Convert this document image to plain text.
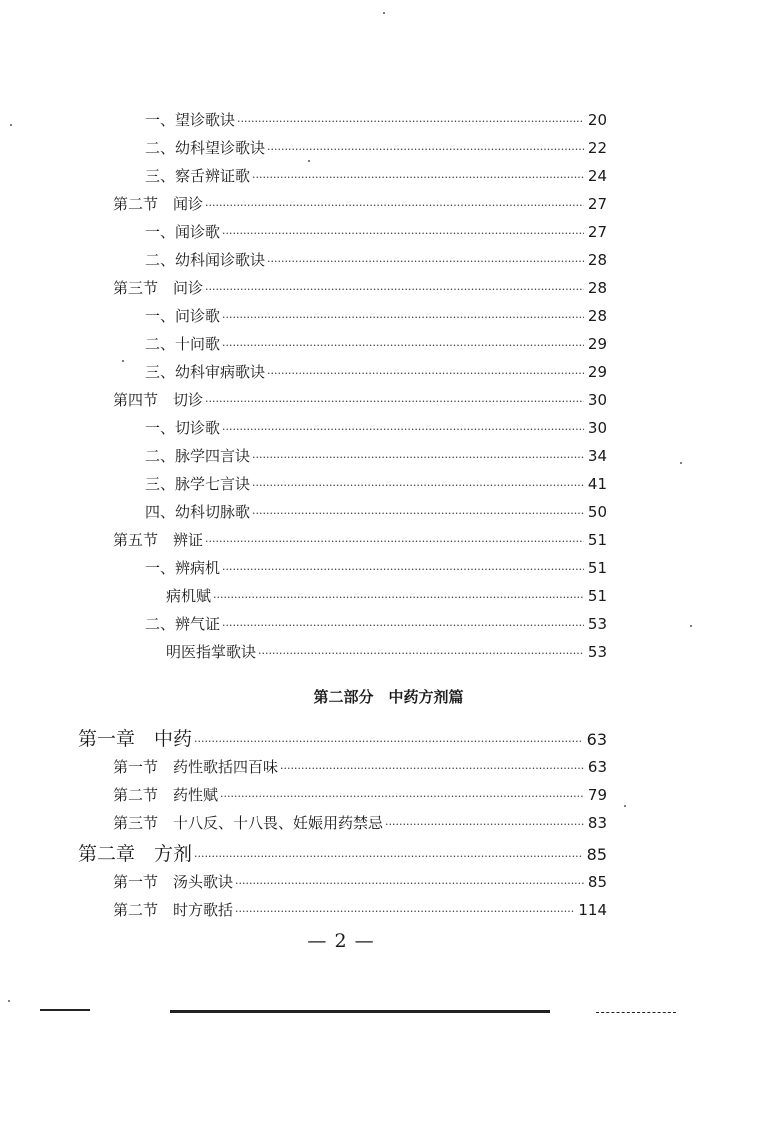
一、望诊歌诀 ·····	20
二、幼科望诊歌诀 ·····	22
三、察舌辨证歌 ·····	24
第二节　闻诊 ·····	27
一、闻诊歌 ·····	27
二、幼科闻诊歌诀 ·····	28
第三节　问诊 ·····	28
一、问诊歌 ·····	28
二、十问歌 ·····	29
三、幼科审病歌诀 ·····	29
第四节　切诊 ·····	30
一、切诊歌 ·····	30
二、脉学四言诀 ·····	34
三、脉学七言诀 ·····	41
四、幼科切脉歌 ·····	50
第五节　辨证 ·····	51
一、辨病机 ·····	51
病机赋 ·····	51
二、辨气证 ·····	53
明医指掌歌诀 ·····	53
第一章　中药 ·····	63
第一节　药性歌括四百味 ·····	63
第二节　药性赋 ·····	79
第三节　十八反、十八畏、妊娠用药禁忌 ·····	83
第二章　方剂 ·····	85
第一节　汤头歌诀 ·····	85
第二节　时方歌括 ·····	114
第二部分　中药方剂篇
— 2 —
